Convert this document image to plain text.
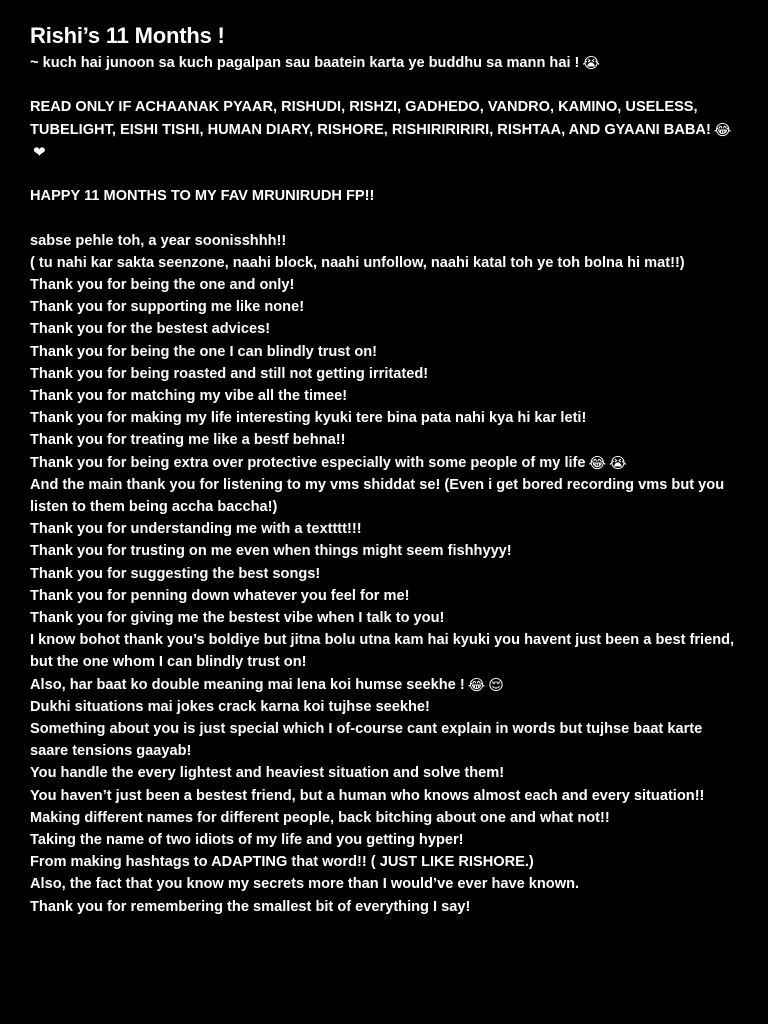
Rishi’s 11 Months !
~ kuch hai junoon sa kuch pagalpan sau baatein karta ye buddhu sa mann hai ! 😭
READ ONLY IF ACHAANAK PYAAR, RISHUDI, RISHZI, GADHEDO, VANDRO, KAMINO, USELESS, TUBELIGHT, EISHI TISHI, HUMAN DIARY, RISHORE, RISHIRIRIRIRI, RISHTAA, AND GYAANI BABA! 😂❤
HAPPY 11 MONTHS TO MY FAV MRUNIRUDH FP!!
sabse pehle toh, a year soonisshhh!!
( tu nahi kar sakta seenzone, naahi block, naahi unfollow, naahi katal toh ye toh bolna hi mat!!)
Thank you for being the one and only!
Thank you for supporting me like none!
Thank you for the bestest advices!
Thank you for being the one I can blindly trust on!
Thank you for being roasted and still not getting irritated!
Thank you for matching my vibe all the timee!
Thank you for making my life interesting kyuki tere bina pata nahi kya hi kar leti!
Thank you for treating me like a bestf behna!!
Thank you for being extra over protective especially with some people of my life 😂 😭
And the main thank you for listening to my vms shiddat se! (Even i get bored recording vms but you listen to them being accha baccha!)
Thank you for understanding me with a textttt!!!
Thank you for trusting on me even when things might seem fishhyyy!
Thank you for suggesting the best songs!
Thank you for penning down whatever you feel for me!
Thank you for giving me the bestest vibe when I talk to you!
I know bohot thank you’s boldiye but jitna bolu utna kam hai kyuki you havent just been a best friend, but the one whom I can blindly trust on!
Also, har baat ko double meaning mai lena koi humse seekhe ! 😂 😌
Dukhi situations mai jokes crack karna koi tujhse seekhe!
Something about you is just special which I of-course cant explain in words but tujhse baat karte saare tensions gaayab!
You handle the every lightest and heaviest situation and solve them!
You haven’t just been a bestest friend, but a human who knows almost each and every situation!!
Making different names for different people, back bitching about one and what not!!
Taking the name of two idiots of my life and you getting hyper!
From making hashtags to ADAPTING that word!! ( JUST LIKE RISHORE.)
Also, the fact that you know my secrets more than I would’ve ever have known.
Thank you for remembering the smallest bit of everything I say!
